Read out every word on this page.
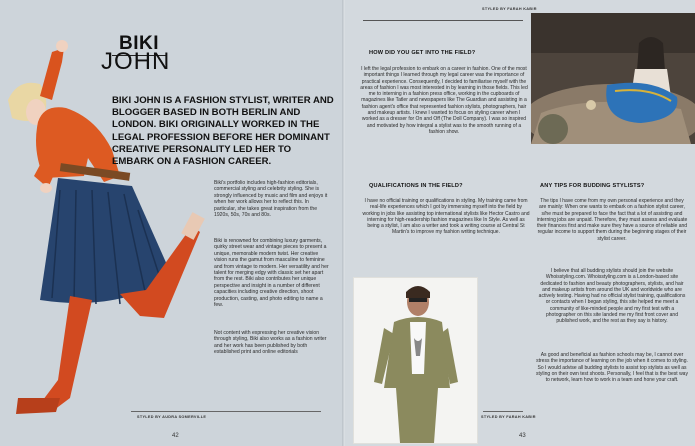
BIKI
JOHN
BIKI JOHN IS A FASHION STYLIST, WRITER AND BLOGGER BASED IN BOTH BERLIN AND LONDON. BIKI ORIGINALLY WORKED IN THE LEGAL PROFESSION BEFORE HER DOMINANT CREATIVE PERSONALITY LED HER TO EMBARK ON A FASHION CAREER.
Biki's portfolio includes high-fashion editorials, commercial styling and celebrity styling. She is strongly influenced by music and film and enjoys it when her work allows her to reflect this. In particular, she takes great inspiration from the 1920s, 50s, 70s and 80s.
Biki is renowned for combining luxury garments, quirky street wear and vintage pieces to present a unique, memorable modern twist. Her creative vision runs the gamut from masculine to feminine and from vintage to modern. Her versatility and her talent for merging edgy with classic set her apart from the rest. Biki also contributes her unique perspective and insight in a number of different capacities including creative direction, shoot production, casting, and photo editing to name a few.
Not content with expressing her creative vision through styling, Biki also works as a fashion writer and her work has been published by both established print and online editorials
STYLED BY AUDRA SOMERVILLE
42
STYLED BY FARAH KABIR
HOW DID YOU GET INTO THE FIELD?
I left the legal profession to embark on a career in fashion. One of the most important things I learned through my legal career was the importance of practical experience. Consequently, I decided to familiarise myself with the areas of fashion I was most interested in by learning in those fields. This led me to interning in a fashion press office, working in the cupboards of magazines like Tatler and newspapers like The Guardian and assisting in a fashion agent's office that represented fashion stylists, photographers, hair and makeup artists. I knew I wanted to focus on styling career when I worked as a dresser for On and Off (The Doll Company). I was so inspired and motivated by how integral a stylist was to the smooth running of a fashion show.
QUALIFICATIONS IN THE FIELD?
I have no official training or qualifications in styling. My training came from real-life experiences which I got by immersing myself into the field by working in jobs like assisting top international stylists like Hector Castro and interning for high-readership fashion magazines like In Style. As well as being a stylist, I am also a writer and took a writing course at Central St Martin's to improve my fashion writing technique.
ANY TIPS FOR BUDDING STYLISTS?
The tips I have come from my own personal experience and they are mainly: When one wants to embark on a fashion stylist career, s/he must be prepared to face the fact that a lot of assisting and interning jobs are unpaid. Therefore, they must assess and evaluate their finances first and make sure they have a source of reliable and regular income to support them during the beginning stages of their stylist career.
I believe that all budding stylists should join the website Whoisstyling.com. Whoisstyling.com is a London-based site dedicated to fashion and beauty photographers, stylists, and hair and makeup artists from around the UK and worldwide who are actively testing. Having had no official stylist training, qualifications or contacts when I began styling, this site helped me meet a community of like-minded people and my first test with a photographer on this site landed me my first front cover and published work, and the rest as they say is history.
As good and beneficial as fashion schools may be, I cannot over stress the importance of learning on the job when it comes to styling. So I would advise all budding stylists to assist top stylists as well as styling on their own test shoots. Personally, I feel that is the best way to network, learn how to work in a team and hone your craft.
STYLED BY FARAH KABIR
43
